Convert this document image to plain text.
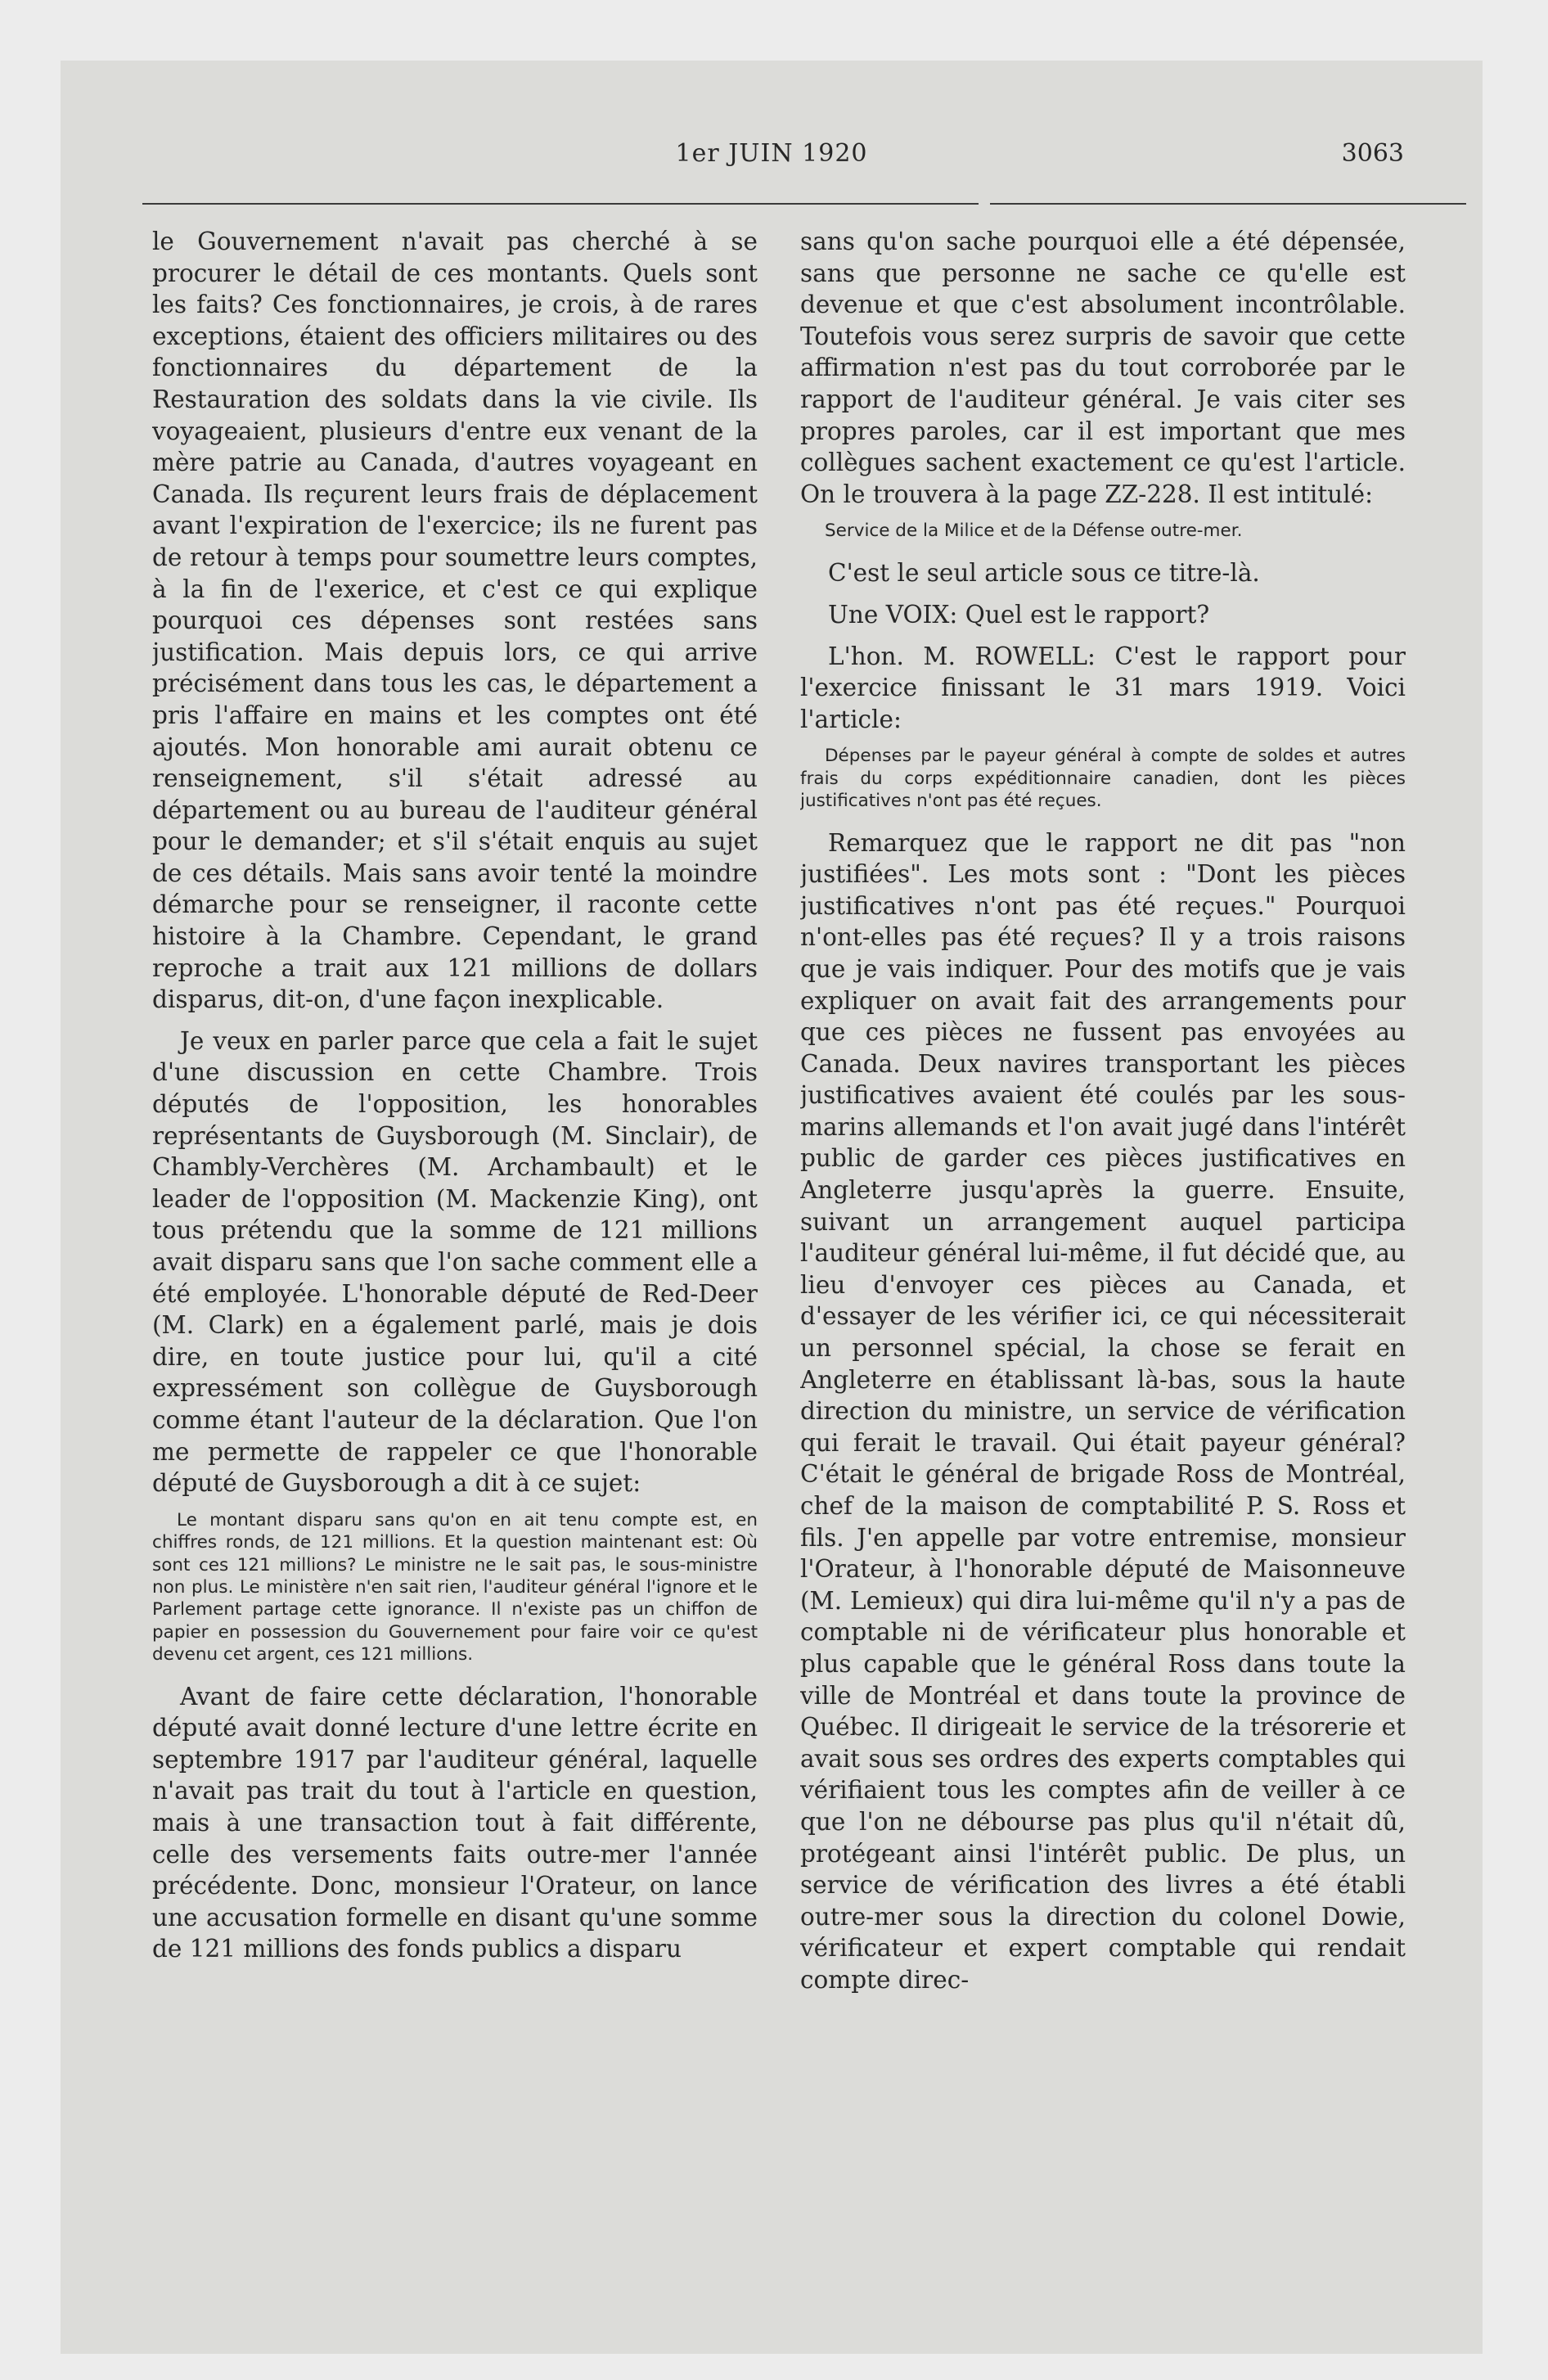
1er JUIN 1920	3063

le Gouvernement n'avait pas cherché à se procurer le détail de ces montants. Quels sont les faits? Ces fonctionnaires, je crois, à de rares exceptions, étaient des officiers militaires ou des fonctionnaires du département de la Restauration des soldats dans la vie civile. Ils voyageaient, plusieurs d'entre eux venant de la mère patrie au Canada, d'autres voyageant en Canada. Ils reçurent leurs frais de déplacement avant l'expiration de l'exercice; ils ne furent pas de retour à temps pour soumettre leurs comptes, à la fin de l'exerice, et c'est ce qui explique pourquoi ces dépenses sont restées sans justification. Mais depuis lors, ce qui arrive précisément dans tous les cas, le département a pris l'affaire en mains et les comptes ont été ajoutés. Mon honorable ami aurait obtenu ce renseignement, s'il s'était adressé au département ou au bureau de l'auditeur général pour le demander; et s'il s'était enquis au sujet de ces détails. Mais sans avoir tenté la moindre démarche pour se renseigner, il raconte cette histoire à la Chambre. Cependant, le grand reproche a trait aux 121 millions de dollars disparus, dit-on, d'une façon inexplicable.

Je veux en parler parce que cela a fait le sujet d'une discussion en cette Chambre. Trois députés de l'opposition, les honorables représentants de Guysborough (M. Sinclair), de Chambly-Verchères (M. Archambault) et le leader de l'opposition (M. Mackenzie King), ont tous prétendu que la somme de 121 millions avait disparu sans que l'on sache comment elle a été employée. L'honorable député de Red-Deer (M. Clark) en a également parlé, mais je dois dire, en toute justice pour lui, qu'il a cité expressément son collègue de Guysborough comme étant l'auteur de la déclaration. Que l'on me permette de rappeler ce que l'honorable député de Guysborough a dit à ce sujet:

Le montant disparu sans qu'on en ait tenu compte est, en chiffres ronds, de 121 millions. Et la question maintenant est: Où sont ces 121 millions? Le ministre ne le sait pas, le sous-ministre non plus. Le ministère n'en sait rien, l'auditeur général l'ignore et le Parlement partage cette ignorance. Il n'existe pas un chiffon de papier en possession du Gouvernement pour faire voir ce qu'est devenu cet argent, ces 121 millions.

Avant de faire cette déclaration, l'honorable député avait donné lecture d'une lettre écrite en septembre 1917 par l'auditeur général, laquelle n'avait pas trait du tout à l'article en question, mais à une transaction tout à fait différente, celle des versements faits outre-mer l'année précédente. Donc, monsieur l'Orateur, on lance une accusation formelle en disant qu'une somme de 121 millions des fonds publics a disparu

sans qu'on sache pourquoi elle a été dépensée, sans que personne ne sache ce qu'elle est devenue et que c'est absolument incontrôlable. Toutefois vous serez surpris de savoir que cette affirmation n'est pas du tout corroborée par le rapport de l'auditeur général. Je vais citer ses propres paroles, car il est important que mes collègues sachent exactement ce qu'est l'article. On le trouvera à la page ZZ-228. Il est intitulé:

Service de la Milice et de la Défense outre-mer.

C'est le seul article sous ce titre-là.

Une VOIX: Quel est le rapport?

L'hon. M. ROWELL: C'est le rapport pour l'exercice finissant le 31 mars 1919. Voici l'article:

Dépenses par le payeur général à compte de soldes et autres frais du corps expéditionnaire canadien, dont les pièces justificatives n'ont pas été reçues.

Remarquez que le rapport ne dit pas "non justifiées". Les mots sont : "Dont les pièces justificatives n'ont pas été reçues." Pourquoi n'ont-elles pas été reçues? Il y a trois raisons que je vais indiquer. Pour des motifs que je vais expliquer on avait fait des arrangements pour que ces pièces ne fussent pas envoyées au Canada. Deux navires transportant les pièces justificatives avaient été coulés par les sous-marins allemands et l'on avait jugé dans l'intérêt public de garder ces pièces justificatives en Angleterre jusqu'après la guerre. Ensuite, suivant un arrangement auquel participa l'auditeur général lui-même, il fut décidé que, au lieu d'envoyer ces pièces au Canada, et d'essayer de les vérifier ici, ce qui nécessiterait un personnel spécial, la chose se ferait en Angleterre en établissant là-bas, sous la haute direction du ministre, un service de vérification qui ferait le travail. Qui était payeur général? C'était le général de brigade Ross de Montréal, chef de la maison de comptabilité P. S. Ross et fils. J'en appelle par votre entremise, monsieur l'Orateur, à l'honorable député de Maisonneuve (M. Lemieux) qui dira lui-même qu'il n'y a pas de comptable ni de vérificateur plus honorable et plus capable que le général Ross dans toute la ville de Montréal et dans toute la province de Québec. Il dirigeait le service de la trésorerie et avait sous ses ordres des experts comptables qui vérifiaient tous les comptes afin de veiller à ce que l'on ne débourse pas plus qu'il n'était dû, protégeant ainsi l'intérêt public. De plus, un service de vérification des livres a été établi outre-mer sous la direction du colonel Dowie, vérificateur et expert comptable qui rendait compte direc-
